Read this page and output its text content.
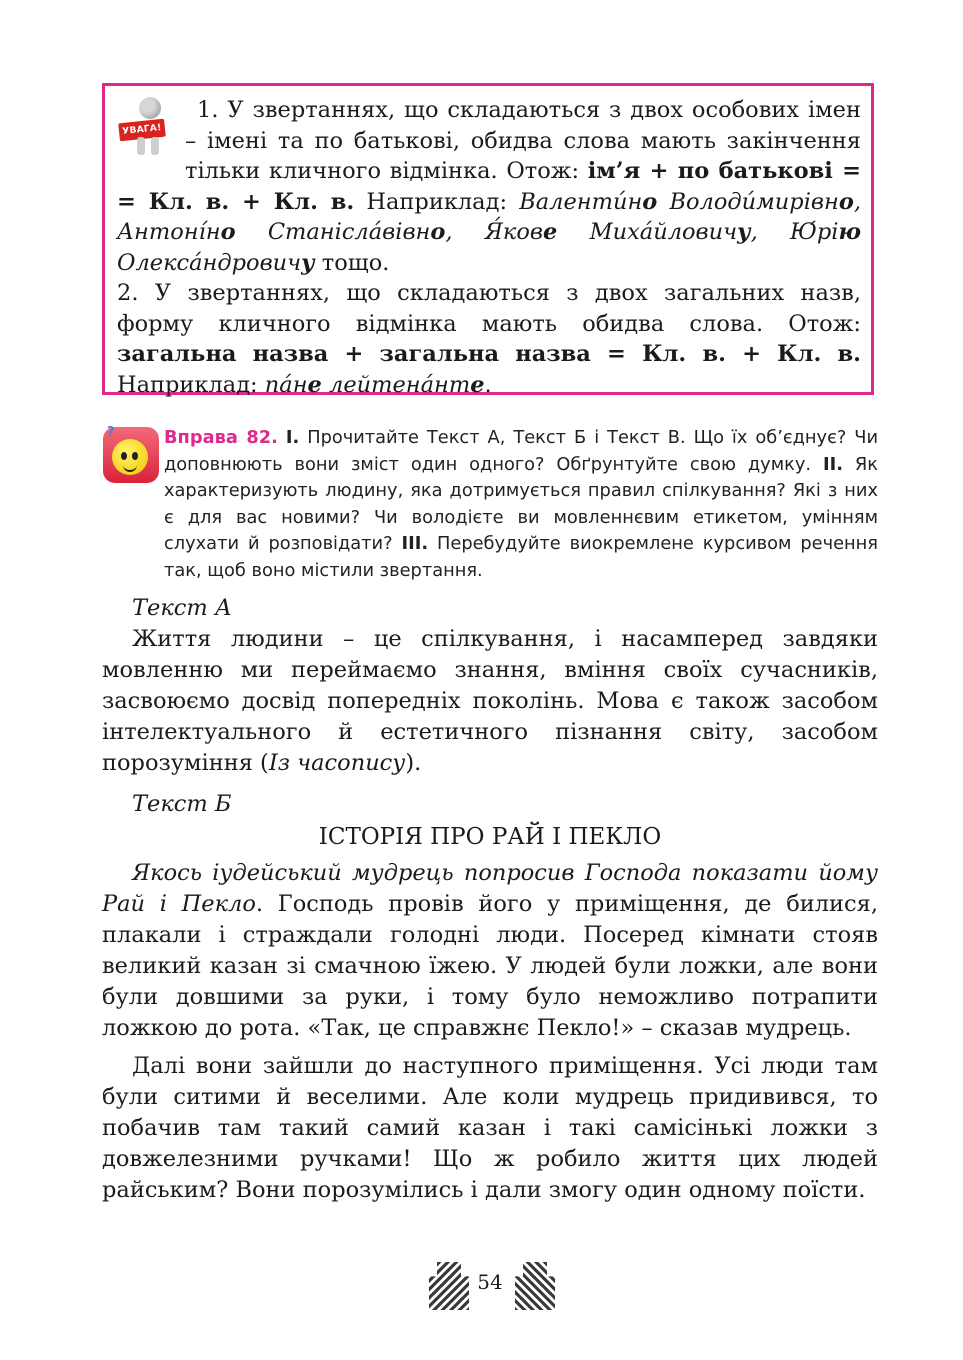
УВАГА!

1. У звертаннях, що складаються з двох особових імен – імені та по батькові, обидва слова мають закінчення тільки кличного відмінка. Отож: ім’я + по батькові = = Кл. в. + Кл. в. Наприклад: Валенти́но Володи́мирівно, Антоні́но Станісла́вівно, Я́кове Миха́йловичу, Ю́рію Олекса́ндровичу тощо.

2. У звертаннях, що складаються з двох загальних назв, форму кличного відмінка мають обидва слова. Отож: загальна назва + загальна назва = Кл. в. + Кл. в. Наприклад: па́не лейтена́нте.

?	Вправа 82. I. Прочитайте Текст А, Текст Б і Текст В. Що їх об’єднує? Чи доповнюють вони зміст один одного? Обґрунтуйте свою думку. II. Як характеризують людину, яка дотримується правил спілкування? Які з них є для вас новими? Чи володієте ви мовленнєвим етикетом, умінням слухати й розповідати? III. Перебудуйте виокремлене курсивом речення так, щоб воно містили звертання.

Текст А

Життя людини – це спілкування, і насамперед завдяки мовленню ми переймаємо знання, вміння своїх сучасників, засвоюємо досвід попередніх поколінь. Мова є також засобом інтелектуального й естетичного пізнання світу, засобом порозуміння (Із часопису).

Текст Б

ІСТОРІЯ ПРО РАЙ І ПЕКЛО

Якось іудейський мудрець попросив Господа показати йому Рай і Пекло. Господь провів його у приміщення, де билися, плакали і страждали голодні люди. Посеред кімнати стояв великий казан зі смачною їжею. У людей були ложки, але вони були довшими за руки, і тому було неможливо потрапити ложкою до рота. «Так, це справжнє Пекло!» – сказав мудрець.

Далі вони зайшли до наступного приміщення. Усі люди там були ситими й веселими. Але коли мудрець придивився, то побачив там такий самий казан і такі самісінькі ложки з довжелезними ручками! Що ж робило життя цих людей райським? Вони порозумілись і дали змогу один одному поїсти.

54
